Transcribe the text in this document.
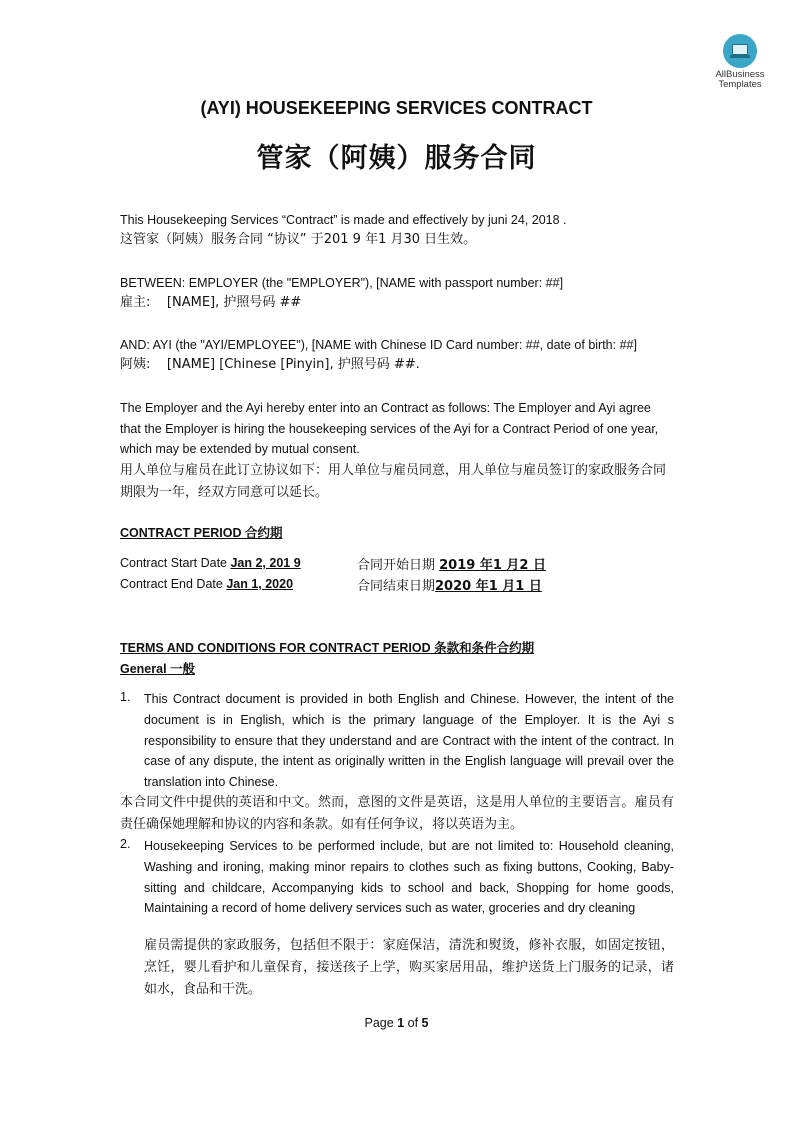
AllBusiness
Templates
(AYI) HOUSEKEEPING SERVICES CONTRACT
管家（阿姨）服务合同
This Housekeeping Services “Contract” is made and effectively by juni 24, 2018 .
这管家（阿姨）服务合同 “协议” 于201 9 年1 月30 日生效。
BETWEEN: EMPLOYER (the "EMPLOYER"), [NAME with passport number: ##]
雇主:    [NAME], 护照号码 ##
AND: AYI (the "AYI/EMPLOYEE"), [NAME with Chinese ID Card number: ##, date of birth: ##]
阿姨:    [NAME] [Chinese [Pinyin], 护照号码 ##.
The Employer and the Ayi hereby enter into an Contract as follows: The Employer and Ayi agree that the Employer is hiring the housekeeping services of the Ayi for a Contract Period of one year, which may be extended by mutual consent.
用人单位与雇员在此订立协议如下：用人单位与雇员同意，用人单位与雇员签订的家政服务合同期限为一年，经双方同意可以延长。
CONTRACT PERIOD 合约期
Contract Start Date Jan 2, 201 9	合同开始日期 2019 年1 月2 日
Contract End Date Jan 1, 2020	合同结束日期2020 年1 月1 日
TERMS AND CONDITIONS FOR CONTRACT PERIOD 条款和条件合约期
General 一般
1. This Contract document is provided in both English and Chinese. However, the intent of the document is in English, which is the primary language of the Employer. It is the Ayi s responsibility to ensure that they understand and are Contract with the intent of the contract. In case of any dispute, the intent as originally written in the English language will prevail over the translation into Chinese.
本合同文件中提供的英语和中文。然而，意图的文件是英语，这是用人单位的主要语言。雇员有责任确保她理解和协议的内容和条款。如有任何争议，将以英语为主。
2. Housekeeping Services to be performed include, but are not limited to: Household cleaning, Washing and ironing, making minor repairs to clothes such as fixing buttons, Cooking, Baby-sitting and childcare, Accompanying kids to school and back, Shopping for home goods, Maintaining a record of home delivery services such as water, groceries and dry cleaning
雇员需提供的家政服务，包括但不限于：家庭保洁，清洗和熨烫，修补衣服，如固定按钮，烹饪，婴儿看护和儿童保育，接送孩子上学，购买家居用品，维护送货上门服务的记录，诸如水，食品和干洗。
Page 1 of 5
